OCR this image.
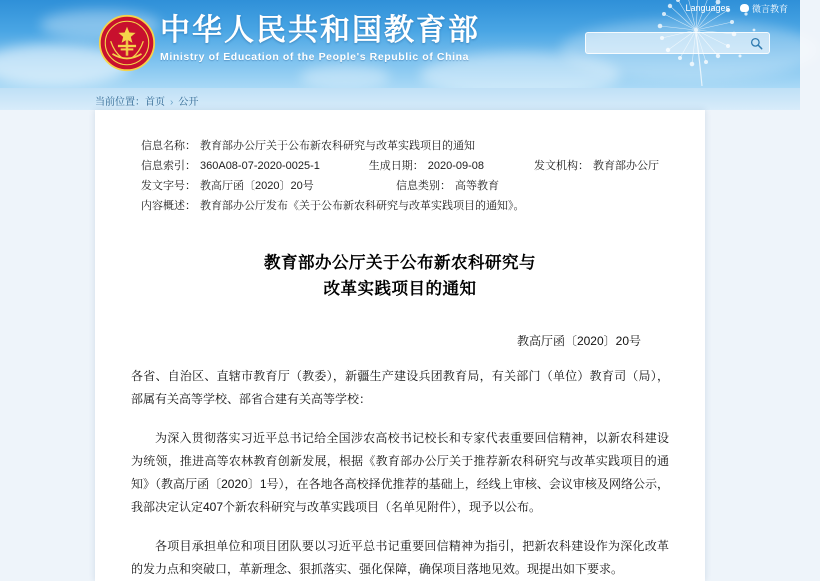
Languages 微言教育
中华人民共和国教育部
Ministry of Education of the People's Republic of China
当前位置：首页 › 公开
信息名称： 教育部办公厅关于公布新农科研究与改革实践项目的通知
信息索引： 360A08-07-2020-0025-1	生成日期： 2020-09-08	发文机构： 教育部办公厅
发文字号： 教高厅函〔2020〕20号	信息类别： 高等教育
内容概述： 教育部办公厅发布《关于公布新农科研究与改革实践项目的通知》。
教育部办公厅关于公布新农科研究与
改革实践项目的通知
教高厅函〔2020〕20号

各省、自治区、直辖市教育厅（教委），新疆生产建设兵团教育局，有关部门（单位）教育司（局），部属有关高等学校、部省合建有关高等学校：

为深入贯彻落实习近平总书记给全国涉农高校书记校长和专家代表重要回信精神，以新农科建设为统领，推进高等农林教育创新发展，根据《教育部办公厅关于推荐新农科研究与改革实践项目的通知》（教高厅函〔2020〕1号），在各地各高校择优推荐的基础上，经线上审核、会议审核及网络公示，我部决定认定407个新农科研究与改革实践项目（名单见附件），现予以公布。

各项目承担单位和项目团队要以习近平总书记重要回信精神为指引，把新农科建设作为深化改革的发力点和突破口，革新理念、狠抓落实、强化保障，确保项目落地见效。现提出如下要求。
